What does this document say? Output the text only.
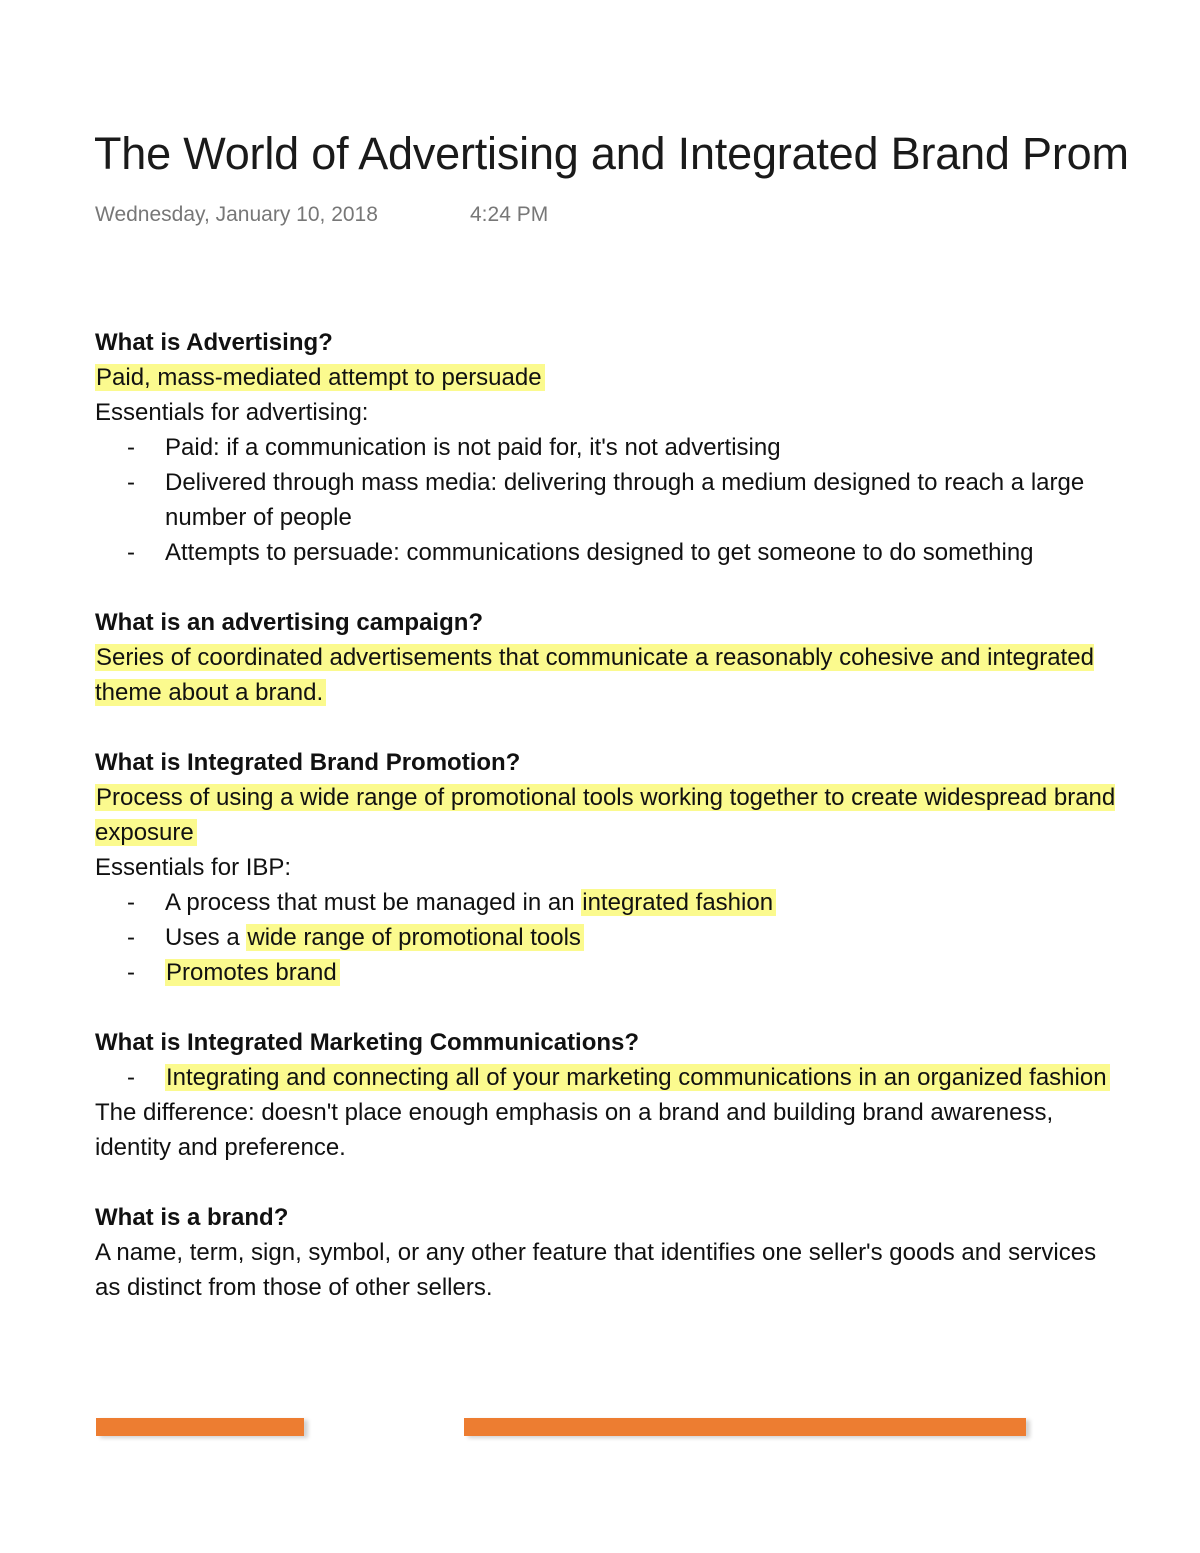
The World of Advertising and Integrated Brand Prom
Wednesday, January 10, 2018	4:24 PM

What is Advertising?

Paid, mass-mediated attempt to persuade

Essentials for advertising:

- Paid: if a communication is not paid for, it's not advertising
- Delivered through mass media: delivering through a medium designed to reach a large number of people
- Attempts to persuade: communications designed to get someone to do something

What is an advertising campaign?

Series of coordinated advertisements that communicate a reasonably cohesive and integrated theme about a brand.

What is Integrated Brand Promotion?

Process of using a wide range of promotional tools working together to create widespread brand exposure

Essentials for IBP:

- A process that must be managed in an integrated fashion
- Uses a wide range of promotional tools
- Promotes brand

What is Integrated Marketing Communications?

- Integrating and connecting all of your marketing communications in an organized fashion

The difference: doesn't place enough emphasis on a brand and building brand awareness, identity and preference.

What is a brand?

A name, term, sign, symbol, or any other feature that identifies one seller's goods and services as distinct from those of other sellers.
